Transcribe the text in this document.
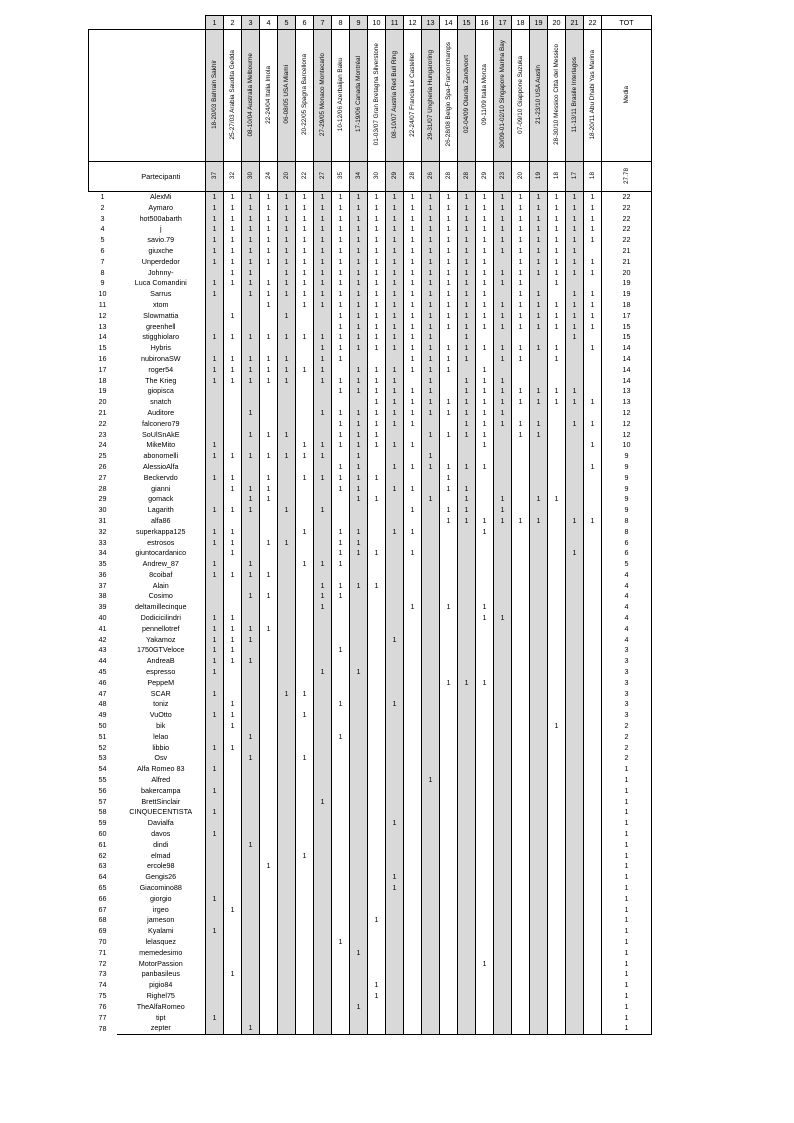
		1	2	3	4	5	6	7	8	9	10	11	12	13	14	15	16	17	18	19	20	21	22	TOT
		18-20/03 Bahrain Sakhir	25-27/03 Arabia Saudita Gedda	08-10/04 Australia Melbourne	22-24/04 Italia Imola	06-08/05 USA Miami	20-22/05 Spagna Barcellona	27-29/05 Monaco Montecarlo	10-12/06 Azerbaijan Baku	17-19/06 Canada Montréal	01-03/07 Gran Bretagna Silverstone	08-10/07 Austria Red Bull Ring	22-24/07 Francia Le Castellet	29-31/07 Ungheria Hungaroring	26-28/08 Belgio Spa-Francorchamps	02-04/09 Olanda Zandvoort	09-11/09 Italia Monza	30/09-01-02/10 Singapore Marina Bay	07-09/10 Giappone Suzuka	21-23/10 USA Austin	28-30/10 Messico Città del Messico	11-13/11 Brasile Interlagos	18-20/11 Abu Dhabi Yas Marina	Media
	Partecipanti	37	32	30	24	20	22	27	35	34	30	29	28	26	28	28	29	23	20	19	18	17	18	27.78
1	AlexMi	1	1	1	1	1	1	1	1	1	1	1	1	1	1	1	1	1	1	1	1	1	1	22
2	Aymaro	1	1	1	1	1	1	1	1	1	1	1	1	1	1	1	1	1	1	1	1	1	1	22
3	hot500abarth	1	1	1	1	1	1	1	1	1	1	1	1	1	1	1	1	1	1	1	1	1	1	22
4	j	1	1	1	1	1	1	1	1	1	1	1	1	1	1	1	1	1	1	1	1	1	1	22
5	savio.79	1	1	1	1	1	1	1	1	1	1	1	1	1	1	1	1	1	1	1	1	1	1	22
6	giuxche	1	1	1	1	1	1	1	1	1	1	1	1	1	1	1	1	1	1	1	1	1		21
7	Unperdedor	1	1	1	1	1	1	1	1	1	1	1	1	1	1	1	1		1	1	1	1	1	21
8	Johnny-		1	1		1	1	1	1	1	1	1	1	1	1	1	1	1	1	1	1	1	1	20
9	Luca Comandini	1	1	1	1	1	1	1	1	1	1	1	1	1	1	1	1	1	1		1			19
10	Sarrus	1		1	1	1	1	1	1	1	1	1	1	1	1	1	1		1	1		1	1	19
11	xtom				1		1	1	1	1	1	1	1	1	1	1	1	1	1	1	1	1	1	18
12	Slowmattia		1			1			1	1	1	1	1	1	1	1	1	1	1	1	1	1	1	17
13	greenhell								1	1	1	1	1	1	1	1	1	1	1	1	1	1	1	15
14	stigghiolaro	1	1	1	1	1	1	1	1	1	1	1	1	1		1						1		15
15	Hybris							1	1	1	1	1	1	1	1	1	1	1	1	1	1		1	14
16	nubironaSW	1	1	1	1	1		1	1				1	1	1	1		1	1		1			14
17	roger54	1	1	1	1	1	1	1		1	1	1	1	1	1		1							14
18	The Krieg	1	1	1	1	1		1	1	1	1	1		1		1	1	1						14
19	giopisca								1	1	1	1	1	1		1	1	1	1	1	1	1		13
20	snatch										1	1	1	1	1	1	1	1	1	1	1	1	1	13
21	Auditore			1				1	1	1	1	1	1	1	1	1	1	1						12
22	falconero79								1	1	1	1	1			1	1	1	1	1		1	1	12
23	SoUlSnAkE			1	1	1			1	1	1			1	1	1	1		1	1				12
24	MikeMito	1					1	1	1	1	1	1	1				1						1	10
25	abonomelli	1	1	1	1	1	1	1		1				1										9
26	AlessioAlfa								1	1		1	1	1	1	1	1						1	9
27	Beckervdo	1	1		1		1	1	1	1	1				1									9
28	gianni		1	1	1				1	1		1	1		1	1								9
29	gomack			1	1					1	1			1		1		1		1	1			9
30	Lagarith	1	1	1		1		1					1		1	1		1						9
31	alfa86														1	1	1	1	1	1		1	1	8
32	superkappa125	1	1				1		1	1		1	1				1							8
33	estrosos	1	1		1	1			1	1														6
34	giuntocardanico		1						1	1	1		1									1		6
35	Andrew_87	1		1			1	1	1															5
36	8coibaf	1	1	1	1																			4
37	Alain							1	1	1	1													4
38	Cosimo			1	1			1	1															4
39	deltamillecinque							1					1		1		1							4
40	Dodicicilindri	1	1														1	1						4
41	pennellotref	1	1	1	1																			4
42	Yakamoz	1	1	1								1												4
43	1750GTVeloce	1	1						1															3
44	AndreaB	1	1	1																				3
45	espresso	1						1		1														3
46	PeppeM														1	1	1							3
47	SCAR	1				1	1																	3
48	toniz		1						1			1												3
49	VuOtto	1	1				1																	3
50	bik		1																		1			2
51	lelao			1					1															2
52	libbio	1	1																					2
53	Osv			1			1																	2
54	Alfa Romeo 83	1																						1
55	Alfred													1										1
56	bakercampa	1																						1
57	BrettSinclair							1																1
58	CINQUECENTISTA	1																						1
59	Davialfa											1												1
60	davos	1																						1
61	dindi			1																				1
62	elmad						1																	1
63	ercole98				1																			1
64	Gengis26											1												1
65	Giacomino88											1												1
66	giorgio	1																						1
67	irgeo		1																					1
68	jameson										1													1
69	Kyalami	1																						1
70	lelasquez								1															1
71	memedesimo									1														1
72	MotorPassion																1							1
73	panbasileus		1																					1
74	pigio84										1													1
75	Righel75										1													1
76	TheAlfaRomeo									1														1
77	tipt	1																						1
78	zepter			1																				1
